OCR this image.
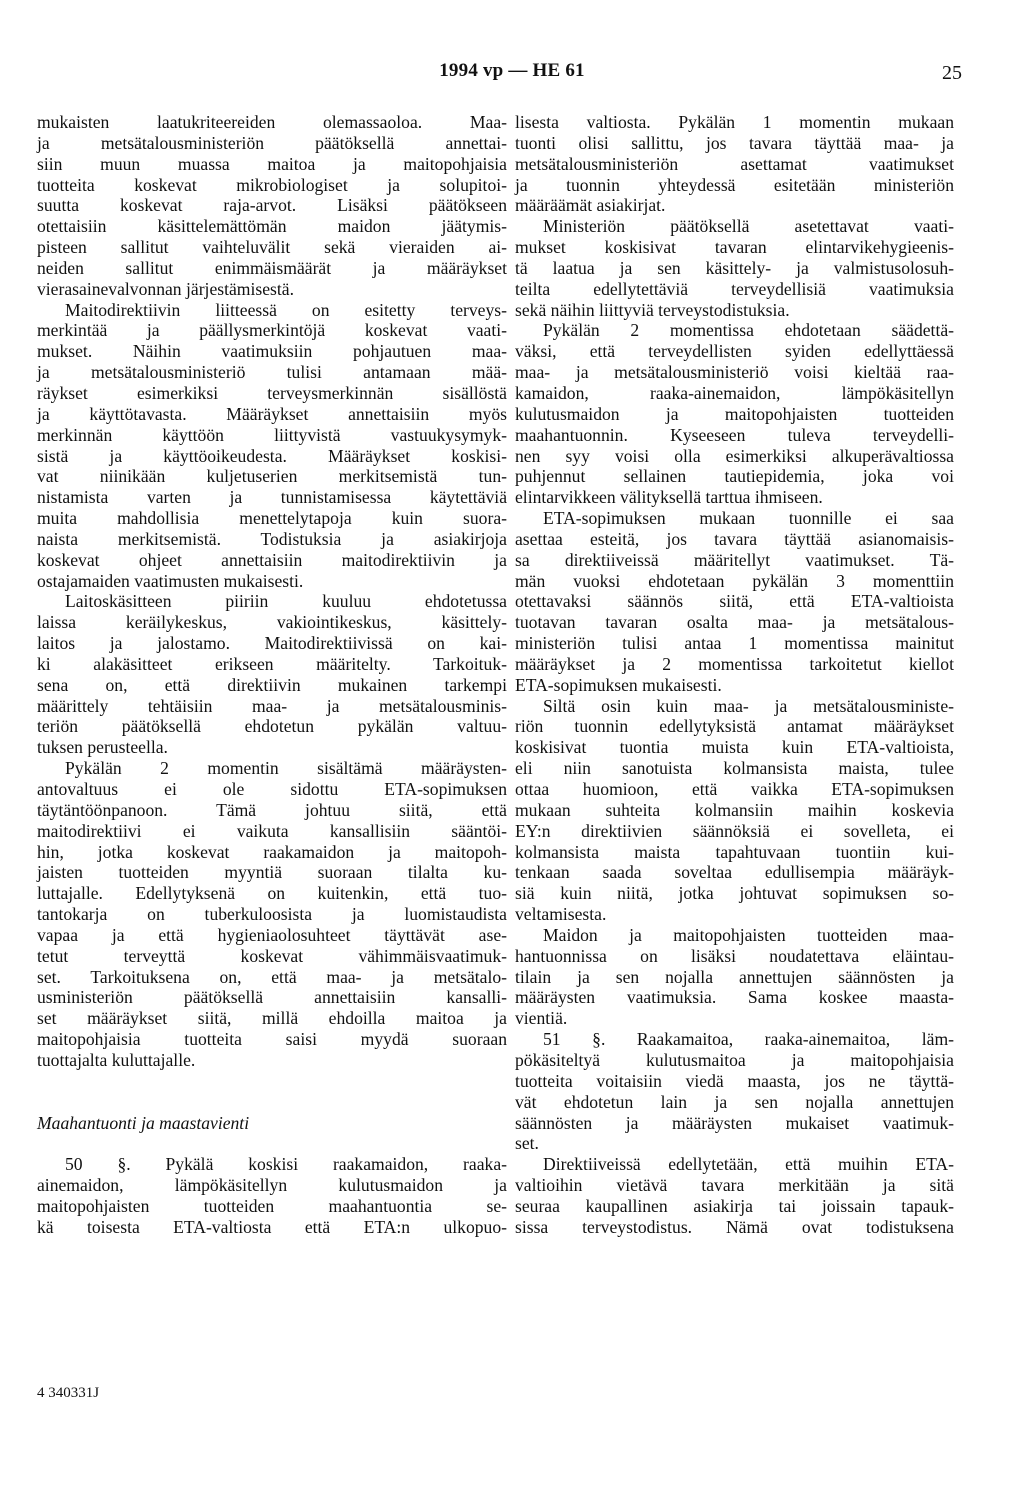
1994 vp — HE 61	25
mukaisten laatukriteereiden olemassaoloa. Maa-
ja metsätalousministeriön päätöksellä annettai-
siin muun muassa maitoa ja maitopohjaisia
tuotteita koskevat mikrobiologiset ja solupitoi-
suutta koskevat raja-arvot. Lisäksi päätökseen
otettaisiin käsittelemättömän maidon jäätymis-
pisteen sallitut vaihteluvälit sekä vieraiden ai-
neiden sallitut enimmäismäärät ja määräykset
vierasainevalvonnan järjestämisestä.
Maitodirektiivin liitteessä on esitetty terveys-
merkintää ja päällysmerkintöjä koskevat vaati-
mukset. Näihin vaatimuksiin pohjautuen maa-
ja metsätalousministeriö tulisi antamaan mää-
räykset esimerkiksi terveysmerkinnän sisällöstä
ja käyttötavasta. Määräykset annettaisiin myös
merkinnän käyttöön liittyvistä vastuukysymyk-
sistä ja käyttöoikeudesta. Määräykset koskisi-
vat niinikään kuljetuserien merkitsemistä tun-
nistamista varten ja tunnistamisessa käytettäviä
muita mahdollisia menettelytapoja kuin suora-
naista merkitsemistä. Todistuksia ja asiakirjoja
koskevat ohjeet annettaisiin maitodirektiivin ja
ostajamaiden vaatimusten mukaisesti.
Laitoskäsitteen piiriin kuuluu ehdotetussa
laissa keräilykeskus, vakiointikeskus, käsittely-
laitos ja jalostamo. Maitodirektiivissä on kai-
ki alakäsitteet erikseen määritelty. Tarkoituk-
sena on, että direktiivin mukainen tarkempi
määrittely tehtäisiin maa- ja metsätalousminis-
teriön päätöksellä ehdotetun pykälän valtuu-
tuksen perusteella.
Pykälän 2 momentin sisältämä määräysten-
antovaltuus ei ole sidottu ETA-sopimuksen
täytäntöönpanoon. Tämä johtuu siitä, että
maitodirektiivi ei vaikuta kansallisiin sääntöi-
hin, jotka koskevat raakamaidon ja maitopoh-
jaisten tuotteiden myyntiä suoraan tilalta ku-
luttajalle. Edellytyksenä on kuitenkin, että tuo-
tantokarja on tuberkuloosista ja luomistaudista
vapaa ja että hygieniaolosuhteet täyttävät ase-
tetut terveyttä koskevat vähimmäisvaatimuk-
set. Tarkoituksena on, että maa- ja metsätalo-
usministeriön päätöksellä annettaisiin kansalli-
set määräykset siitä, millä ehdoilla maitoa ja
maitopohjaisia tuotteita saisi myydä suoraan
tuottajalta kuluttajalle.
Maahantuonti ja maastavienti
50 §. Pykälä koskisi raakamaidon, raaka-
ainemaidon, lämpökäsitellyn kulutusmaidon ja
maitopohjaisten tuotteiden maahantuontia se-
kä toisesta ETA-valtiosta että ETA:n ulkopuo-
lisesta valtiosta. Pykälän 1 momentin mukaan
tuonti olisi sallittu, jos tavara täyttää maa- ja
metsätalousministeriön asettamat vaatimukset
ja tuonnin yhteydessä esitetään ministeriön
määräämät asiakirjat.
Ministeriön päätöksellä asetettavat vaati-
mukset koskisivat tavaran elintarvikehygieenis-
tä laatua ja sen käsittely- ja valmistusolosuh-
teilta edellytettäviä terveydellisiä vaatimuksia
sekä näihin liittyviä terveystodistuksia.
Pykälän 2 momentissa ehdotetaan säädettä-
väksi, että terveydellisten syiden edellyttäessä
maa- ja metsätalousministeriö voisi kieltää raa-
kamaidon, raaka-ainemaidon, lämpökäsitellyn
kulutusmaidon ja maitopohjaisten tuotteiden
maahantuonnin. Kyseeseen tuleva terveydelli-
nen syy voisi olla esimerkiksi alkuperävaltiossa
puhjennut sellainen tautiepidemia, joka voi
elintarvikkeen välityksellä tarttua ihmiseen.
ETA-sopimuksen mukaan tuonnille ei saa
asettaa esteitä, jos tavara täyttää asianomaisis-
sa direktiiveissä määritellyt vaatimukset. Tä-
män vuoksi ehdotetaan pykälän 3 momenttiin
otettavaksi säännös siitä, että ETA-valtioista
tuotavan tavaran osalta maa- ja metsätalous-
ministeriön tulisi antaa 1 momentissa mainitut
määräykset ja 2 momentissa tarkoitetut kiellot
ETA-sopimuksen mukaisesti.
Siltä osin kuin maa- ja metsätalousministe-
riön tuonnin edellytyksistä antamat määräykset
koskisivat tuontia muista kuin ETA-valtioista,
eli niin sanotuista kolmansista maista, tulee
ottaa huomioon, että vaikka ETA-sopimuksen
mukaan suhteita kolmansiin maihin koskevia
EY:n direktiivien säännöksiä ei sovelleta, ei
kolmansista maista tapahtuvaan tuontiin kui-
tenkaan saada soveltaa edullisempia määräyk-
siä kuin niitä, jotka johtuvat sopimuksen so-
veltamisesta.
Maidon ja maitopohjaisten tuotteiden maa-
hantuonnissa on lisäksi noudatettava eläintau-
tilain ja sen nojalla annettujen säännösten ja
määräysten vaatimuksia. Sama koskee maasta-
vientiä.
51 §. Raakamaitoa, raaka-ainemaitoa, läm-
pökäsiteltyä kulutusmaitoa ja maitopohjaisia
tuotteita voitaisiin viedä maasta, jos ne täyttä-
vät ehdotetun lain ja sen nojalla annettujen
säännösten ja määräysten mukaiset vaatimuk-
set.
Direktiiveissä edellytetään, että muihin ETA-
valtioihin vietävä tavara merkitään ja sitä
seuraa kaupallinen asiakirja tai joissain tapauk-
sissa terveystodistus. Nämä ovat todistuksena
4 340331J
